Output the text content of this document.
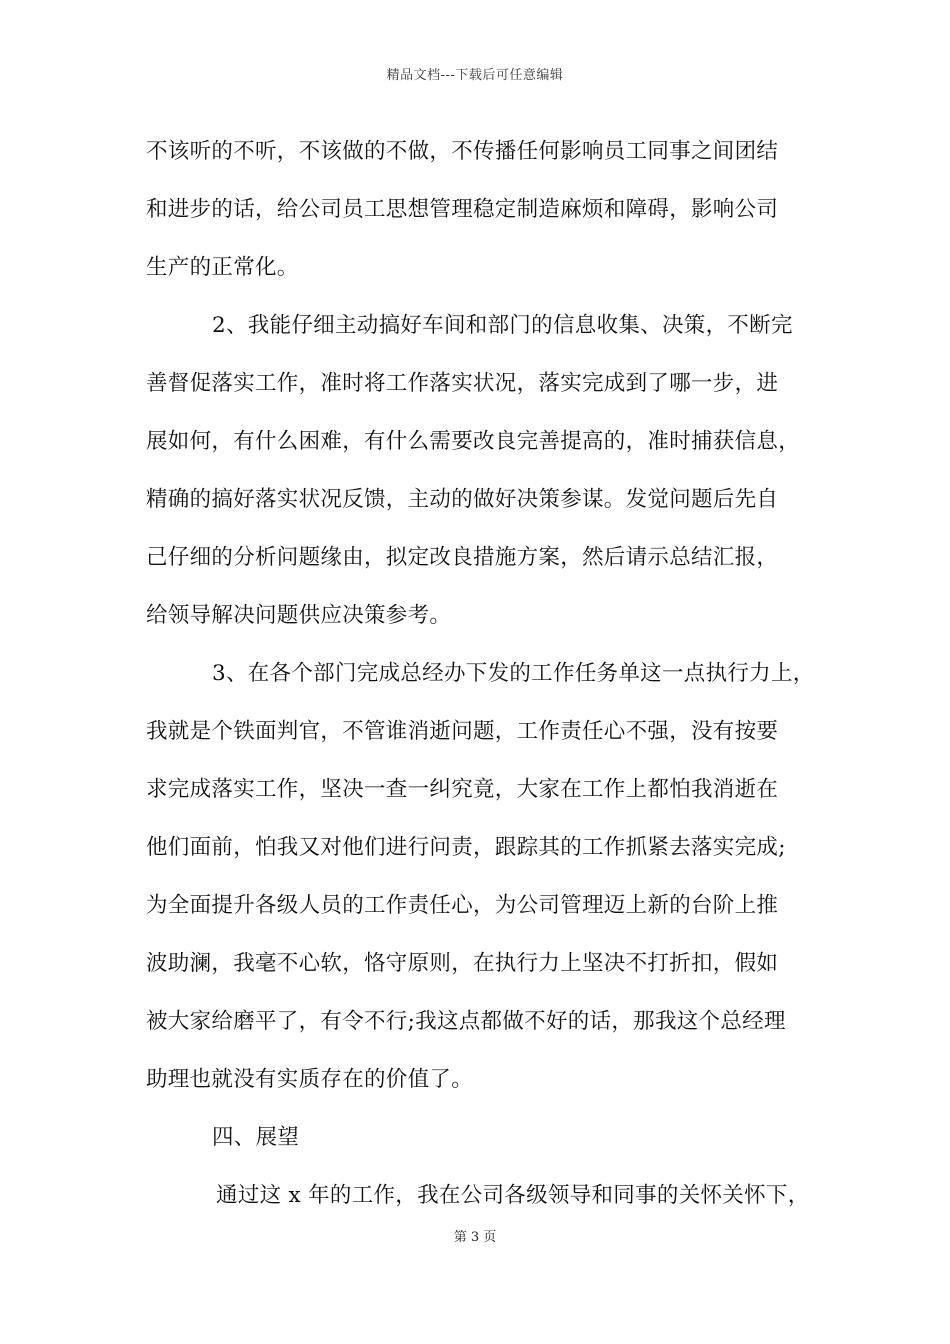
精品文档---下载后可任意编辑
不该听的不听，不该做的不做，不传播任何影响员工同事之间团结
和进步的话，给公司员工思想管理稳定制造麻烦和障碍，影响公司
生产的正常化。
2、我能仔细主动搞好车间和部门的信息收集、决策，不断完
善督促落实工作，准时将工作落实状况，落实完成到了哪一步，进
展如何，有什么困难，有什么需要改良完善提高的，准时捕获信息，
精确的搞好落实状况反馈，主动的做好决策参谋。发觉问题后先自
己仔细的分析问题缘由，拟定改良措施方案，然后请示总结汇报，
给领导解决问题供应决策参考。
3、在各个部门完成总经办下发的工作任务单这一点执行力上，
我就是个铁面判官，不管谁消逝问题，工作责任心不强，没有按要
求完成落实工作，坚决一查一纠究竟，大家在工作上都怕我消逝在
他们面前，怕我又对他们进行问责，跟踪其的工作抓紧去落实完成;
为全面提升各级人员的工作责任心，为公司管理迈上新的台阶上推
波助澜，我毫不心软，恪守原则，在执行力上坚决不打折扣，假如
被大家给磨平了，有令不行;我这点都做不好的话，那我这个总经理
助理也就没有实质存在的价值了。
四、展望
通过这 x 年的工作，我在公司各级领导和同事的关怀关怀下，
第 3 页
